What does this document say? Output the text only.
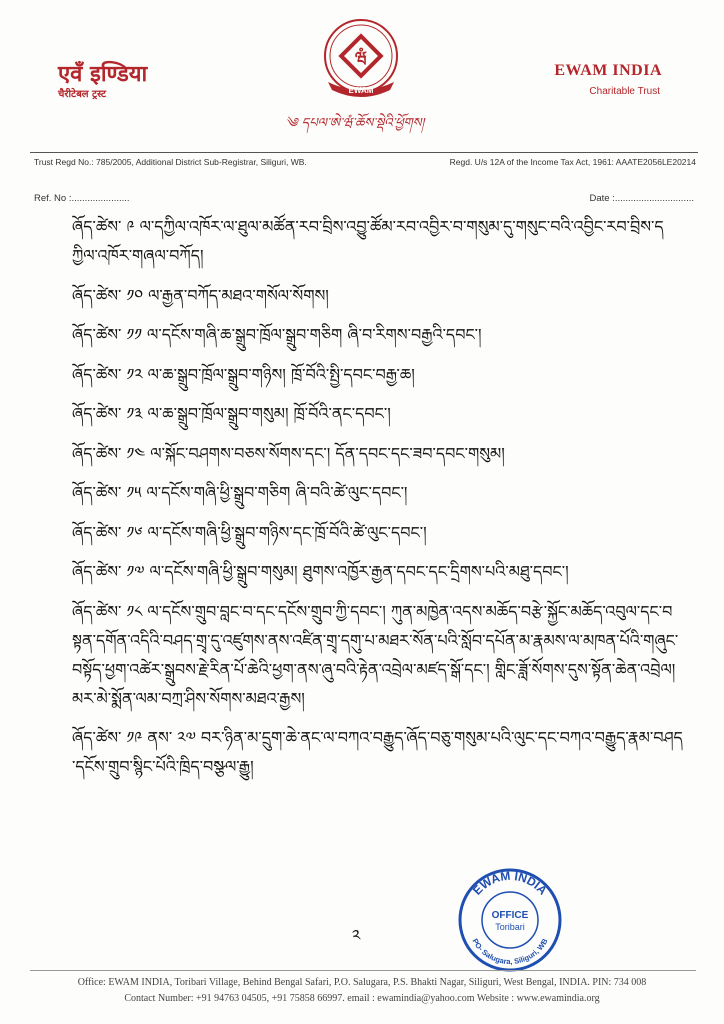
एवँ इण्डिया
चैरीटेबल ट्रस्ट
ཝཾ
EWAM
༄ དཔལ་ཨེ་ཝཾ་ཆོས་སྡེའི་ཕྱོགས།
EWAM INDIA
Charitable Trust
Trust Regd No.: 785/2005, Additional District Sub-Registrar, Siliguri, WB.	Regd. U/s 12A of the Income Tax Act, 1961: AAATE2056LE20214
Ref. No :......................	Date :..............................

ཞོད་ཚེས་ ༩ ལ་དཀྱིལ་འཁོར་ལ་ཐུལ་མཚོན་རབ་བྲིས་འབྱུ་ཚོམ་རབ་འབྱིར་བ་གསུམ་དུ་གསུང་བའི་འབྱིང་རབ་བྲིས་དཀྱིལ་འཁོར་གཞལ་བཀོད།

ཞོད་ཚེས་ ༡༠ ལ་རྒྱན་བཀོད་མཐའ་གསོལ་སོགས།

ཞོད་ཚེས་ ༡༡ ལ་དངོས་གཞི་ཆ་སྒྲུབ་ཁྲོལ་སྒྲུབ་གཅིག ཞི་བ་རིགས་བརྒྱའི་དབང་།

ཞོད་ཚེས་ ༡༢ ལ་ཆ་སྒྲུབ་ཁྲོལ་སྒྲུབ་གཉིས། ཁྲོ་བོའི་སྤྱི་དབང་བརྒྱ་ཆ།

ཞོད་ཚེས་ ༡༣ ལ་ཆ་སྒྲུབ་ཁྲོལ་སྒྲུབ་གསུམ། ཁྲོ་བོའི་ནང་དབང་།

ཞོད་ཚེས་ ༡༤ ལ་སྐོང་བཤགས་བཅས་སོགས་དང་། དོན་དབང་དང་ཟབ་དབང་གསུམ།

ཞོད་ཚེས་ ༡༥ ལ་དངོས་གཞི་ཕྱི་སྒྲུབ་གཅིག ཞི་བའི་ཚེ་ལུང་དབང་།

ཞོད་ཚེས་ ༡༦ ལ་དངོས་གཞི་ཕྱི་སྒྲུབ་གཉིས་དང་ཁྲོ་བོའི་ཚེ་ལུང་དབང་།

ཞོད་ཚེས་ ༡༧ ལ་དངོས་གཞི་ཕྱི་སྒྲུབ་གསུམ། ཐུགས་འཁྱོར་རྒྱན་དབང་དང་དྲིགས་པའི་མཐུ་དབང་།

ཞོད་ཚེས་ ༡༨ ལ་དངོས་གྲུབ་བླང་བ་དང་དངོས་གྲུབ་ཀྱི་དབང་། ཀུན་མཁྱེན་འདས་མཆོད་བརྩེ་སྐྱོང་མཆོད་འབུལ་དང་བསྟན་དགོན་འདིའི་བཤད་གྲྭ་དུ་འཛུགས་ནས་འཛིན་གྲྭ་དགུ་པ་མཐར་སོན་པའི་སློབ་དཔོན་མ་རྣམས་ལ་མཁན་པོའི་གཞུང་བསྟོད་ཕྱག་འཚེར་སྒྲུབས་རྗེ་རིན་པོ་ཆེའི་ཕྱག་ནས་ཞུ་བའི་རྟེན་འབྲེལ་མཛད་སྒོ་དང་། གླིང་ཟློ་སོགས་དུས་སྟོན་ཆེན་འབྲེལ། མར་མེ་སྨོན་ལམ་བཀྲ་ཤིས་སོགས་མཐའ་རྒྱས།

ཞོད་ཚེས་ ༡༩ ནས་ ༢༧ བར་ཉིན་མ་དྲུག་ཆེ་ནང་ལ་བཀའ་བརྒྱུད་ཞོད་བཅུ་གསུམ་པའི་ལུང་དང་བཀའ་བརྒྱུད་རྣམ་བཤད་དངོས་གྲུབ་སྙིང་པོའི་ཁྲིད་བསྩལ་རྒྱུ།

༢
EWAM INDIA
OFFICE
Toribari
PO- Salugara, Siliguri, WB
Office: EWAM INDIA, Toribari Village, Behind Bengal Safari, P.O. Salugara, P.S. Bhakti Nagar, Siliguri, West Bengal, INDIA. PIN: 734 008
Contact Number: +91 94763 04505, +91 75858 66997. email : ewamindia@yahoo.com Website : www.ewamindia.org
